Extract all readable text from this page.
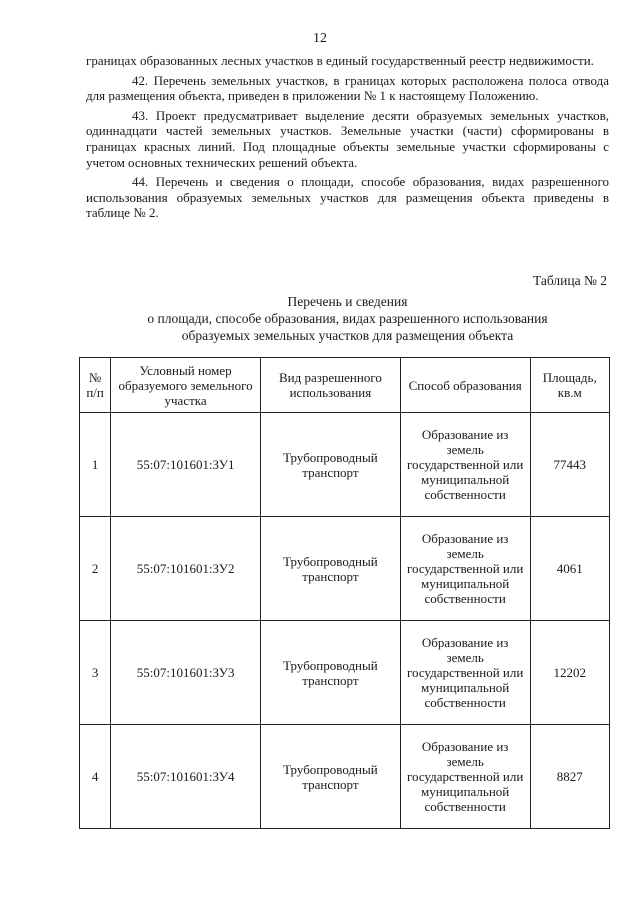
12

границах образованных лесных участков в единый государственный реестр недвижимости.

42. Перечень земельных участков, в границах которых расположена полоса отвода для размещения объекта, приведен в приложении № 1 к настоящему Положению.

43. Проект предусматривает выделение десяти образуемых земельных участков, одиннадцати частей земельных участков. Земельные участки (части) сформированы в границах красных линий. Под площадные объекты земельные участки сформированы с учетом основных технических решений объекта.

44. Перечень и сведения о площади, способе образования, видах разрешенного использования образуемых земельных участков для размещения объекта приведены в таблице № 2.

Таблица № 2
Перечень и сведения
о площади, способе образования, видах разрешенного использования
образуемых земельных участков для размещения объекта
№ п/п	Условный номер образуемого земельного участка	Вид разрешенного использования	Способ образования	Площадь, кв.м
1	55:07:101601:ЗУ1	Трубопроводный транспорт	Образование из земель государственной или муниципальной собственности	77443
2	55:07:101601:ЗУ2	Трубопроводный транспорт	Образование из земель государственной или муниципальной собственности	4061
3	55:07:101601:ЗУ3	Трубопроводный транспорт	Образование из земель государственной или муниципальной собственности	12202
4	55:07:101601:ЗУ4	Трубопроводный транспорт	Образование из земель государственной или муниципальной собственности	8827
